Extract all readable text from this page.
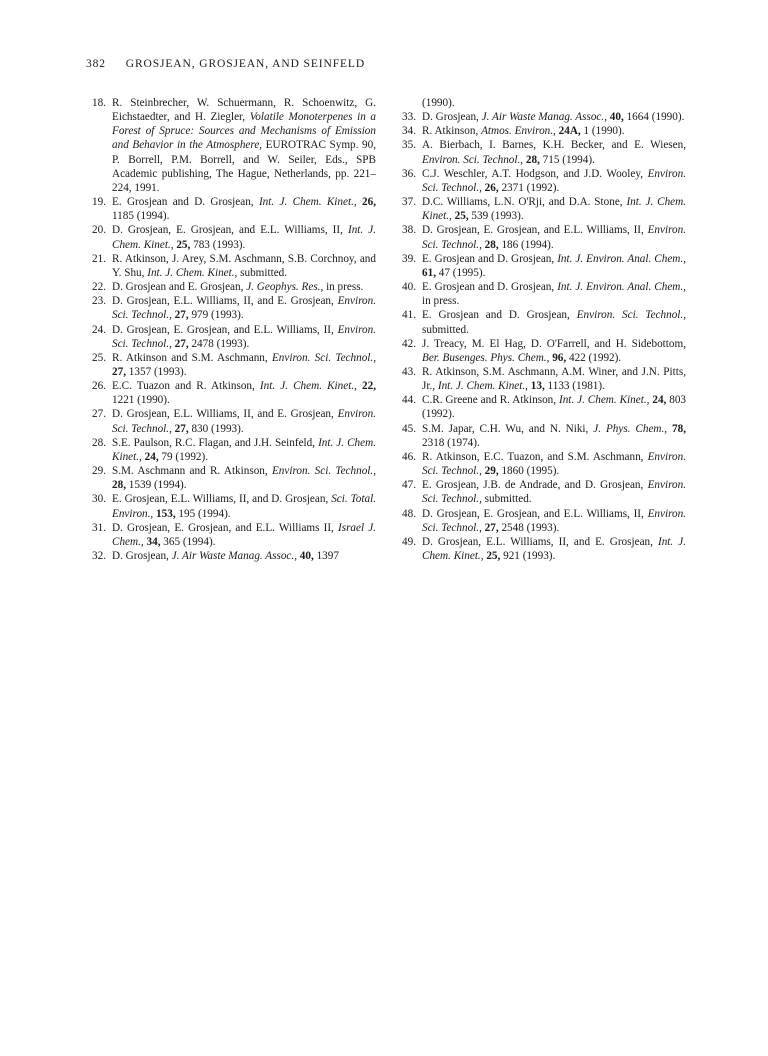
382 GROSJEAN, GROSJEAN, AND SEINFELD
18. R. Steinbrecher, W. Schuermann, R. Schoenwitz, G. Eichstaedter, and H. Ziegler, Volatile Monoterpenes in a Forest of Spruce: Sources and Mechanisms of Emission and Behavior in the Atmosphere, EUROTRAC Symp. 90, P. Borrell, P.M. Borrell, and W. Seiler, Eds., SPB Academic publishing, The Hague, Netherlands, pp. 221–224, 1991.
19. E. Grosjean and D. Grosjean, Int. J. Chem. Kinet., 26, 1185 (1994).
20. D. Grosjean, E. Grosjean, and E.L. Williams, II, Int. J. Chem. Kinet., 25, 783 (1993).
21. R. Atkinson, J. Arey, S.M. Aschmann, S.B. Corchnoy, and Y. Shu, Int. J. Chem. Kinet., submitted.
22. D. Grosjean and E. Grosjean, J. Geophys. Res., in press.
23. D. Grosjean, E.L. Williams, II, and E. Grosjean, Environ. Sci. Technol., 27, 979 (1993).
24. D. Grosjean, E. Grosjean, and E.L. Williams, II, Environ. Sci. Technol., 27, 2478 (1993).
25. R. Atkinson and S.M. Aschmann, Environ. Sci. Technol., 27, 1357 (1993).
26. E.C. Tuazon and R. Atkinson, Int. J. Chem. Kinet., 22, 1221 (1990).
27. D. Grosjean, E.L. Williams, II, and E. Grosjean, Environ. Sci. Technol., 27, 830 (1993).
28. S.E. Paulson, R.C. Flagan, and J.H. Seinfeld, Int. J. Chem. Kinet., 24, 79 (1992).
29. S.M. Aschmann and R. Atkinson, Environ. Sci. Technol., 28, 1539 (1994).
30. E. Grosjean, E.L. Williams, II, and D. Grosjean, Sci. Total. Environ., 153, 195 (1994).
31. D. Grosjean, E. Grosjean, and E.L. Williams II, Israel J. Chem., 34, 365 (1994).
32. D. Grosjean, J. Air Waste Manag. Assoc., 40, 1397
(1990).
33. D. Grosjean, J. Air Waste Manag. Assoc., 40, 1664 (1990).
34. R. Atkinson, Atmos. Environ., 24A, 1 (1990).
35. A. Bierbach, I. Barnes, K.H. Becker, and E. Wiesen, Environ. Sci. Technol., 28, 715 (1994).
36. C.J. Weschler, A.T. Hodgson, and J.D. Wooley, Environ. Sci. Technol., 26, 2371 (1992).
37. D.C. Williams, L.N. O'Rji, and D.A. Stone, Int. J. Chem. Kinet., 25, 539 (1993).
38. D. Grosjean, E. Grosjean, and E.L. Williams, II, Environ. Sci. Technol., 28, 186 (1994).
39. E. Grosjean and D. Grosjean, Int. J. Environ. Anal. Chem., 61, 47 (1995).
40. E. Grosjean and D. Grosjean, Int. J. Environ. Anal. Chem., in press.
41. E. Grosjean and D. Grosjean, Environ. Sci. Technol., submitted.
42. J. Treacy, M. El Hag, D. O'Farrell, and H. Sidebottom, Ber. Busenges. Phys. Chem., 96, 422 (1992).
43. R. Atkinson, S.M. Aschmann, A.M. Winer, and J.N. Pitts, Jr., Int. J. Chem. Kinet., 13, 1133 (1981).
44. C.R. Greene and R. Atkinson, Int. J. Chem. Kinet., 24, 803 (1992).
45. S.M. Japar, C.H. Wu, and N. Niki, J. Phys. Chem., 78, 2318 (1974).
46. R. Atkinson, E.C. Tuazon, and S.M. Aschmann, Environ. Sci. Technol., 29, 1860 (1995).
47. E. Grosjean, J.B. de Andrade, and D. Grosjean, Environ. Sci. Technol., submitted.
48. D. Grosjean, E. Grosjean, and E.L. Williams, II, Environ. Sci. Technol., 27, 2548 (1993).
49. D. Grosjean, E.L. Williams, II, and E. Grosjean, Int. J. Chem. Kinet., 25, 921 (1993).
